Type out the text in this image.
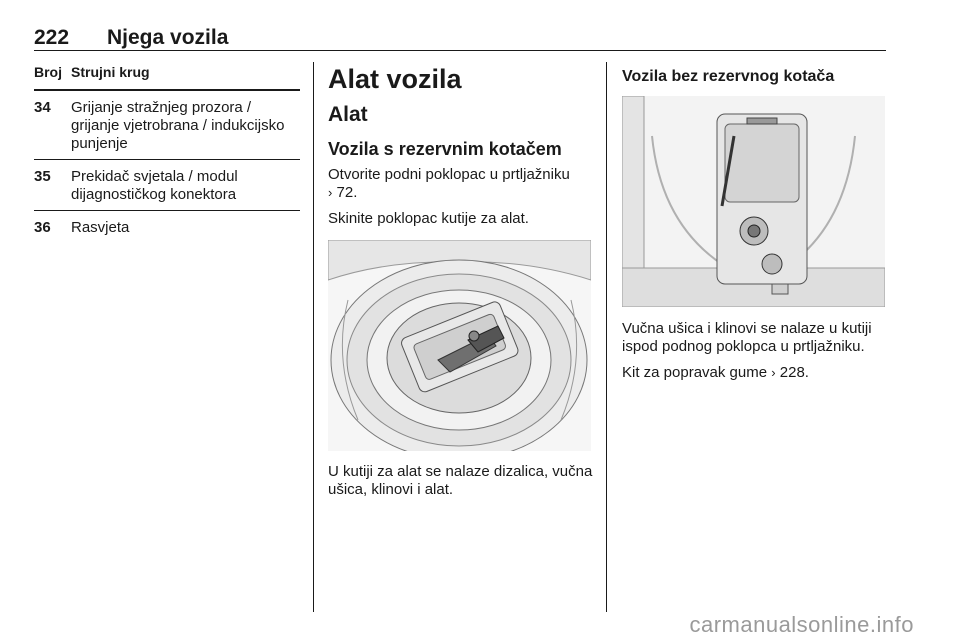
222 Njega vozila
Broj Strujni krug
34	Grijanje stražnjeg prozora / grijanje vjetrobrana / indukcijsko punjenje
35	Prekidač svjetala / modul dijagnostičkog konektora
36	Rasvjeta
Alat vozila
Alat
Vozila s rezervnim kotačem

Otvorite podni poklopac u prtljažniku
› 72.

Skinite poklopac kutije za alat.

U kutiji za alat se nalaze dizalica, vučna ušica, klinovi i alat.

Vozila bez rezervnog kotača

Vučna ušica i klinovi se nalaze u kutiji ispod podnog poklopca u prtljažniku.

Kit za popravak gume › 228.

carmanualsonline.info
